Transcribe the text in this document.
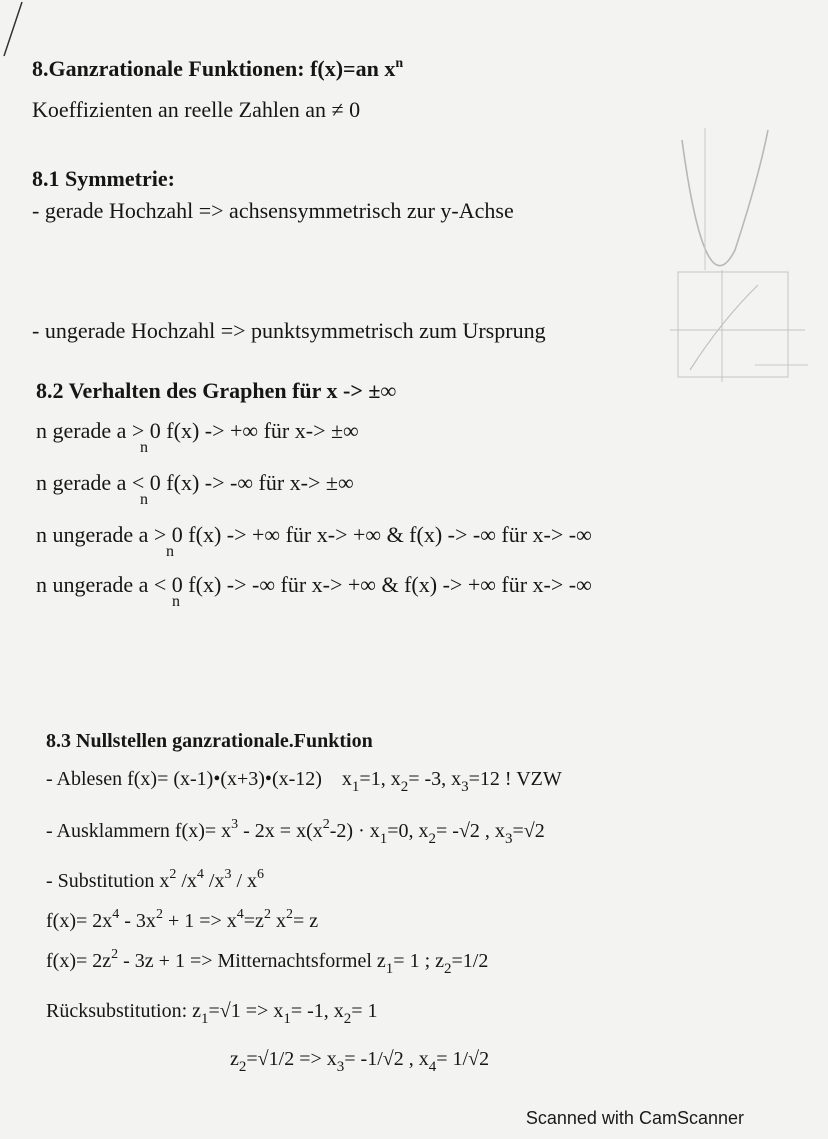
8.Ganzrationale Funktionen: f(x)=an $x^n$
Koeffizienten an reelle Zahlen an ≠ 0
8.1 Symmetrie:
- gerade Hochzahl => achsensymmetrisch zur y-Achse
- ungerade Hochzahl => punktsymmetrisch zum Ursprung
8.2 Verhalten des Graphen für x -> ±∞
n gerade a > 0 f(x) -> +∞ für x-> ±∞
n
n gerade a < 0 f(x) -> -∞ für x-> ±∞
n
n ungerade a > 0 f(x) -> +∞ für x-> +∞ & f(x) -> -∞ für x-> -∞
n
n ungerade a < 0 f(x) -> -∞ für x-> +∞ & f(x) -> +∞ für x-> -∞
n
8.3 Nullstellen ganzrationale.Funktion
- Ablesen f(x)= (x-1)•(x+3)•(x-12) $x_1=1$, $x_2= -3$, $x_3=12$ ! VZW
- Ausklammern $f(x)= x^3 - 2x = x(x^2-2) \cdot x_1=0$, $x_2= -√2$ , $x_3=√2$
- Substitution $x^2$ $/x^4$ $/x^3 / x^6$
$f(x)= 2x^4 - 3x^2 + 1 => x^4=z^2$ $x^2= z$
$f(x)= 2z^2 - 3z + 1$ => Mitternachtsformel $z_1= 1$ ; $z_2=1/2$
Rücksubstitution: $z_1=√1 => x_1= -1$, $x_2= 1$
$z_2=√1/2 => x_3= -1/√2$ , $x_4= 1/√2$
Scanned with CamScanner
